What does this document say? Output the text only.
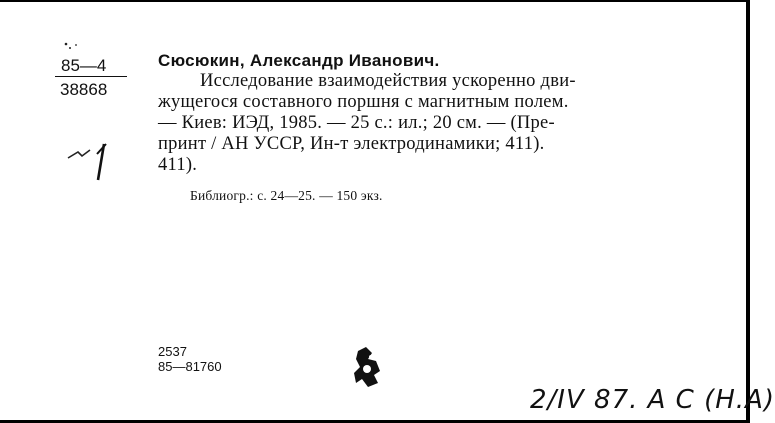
85—4
38868
Сюсюкин, Александр Иванович.
Исследование взаимодействия ускоренно дви-
жущегося составного поршня с магнитным полем.
— Киев: ИЭД, 1985. — 25 с.: ил.; 20 см. — (Пре-
принт / АН УССР, Ин-т электродинамики; 411).
411).
Библиогр.: с. 24—25. — 150 экз.
2537
85—81760
2/IV 87. А С (Н.А)
